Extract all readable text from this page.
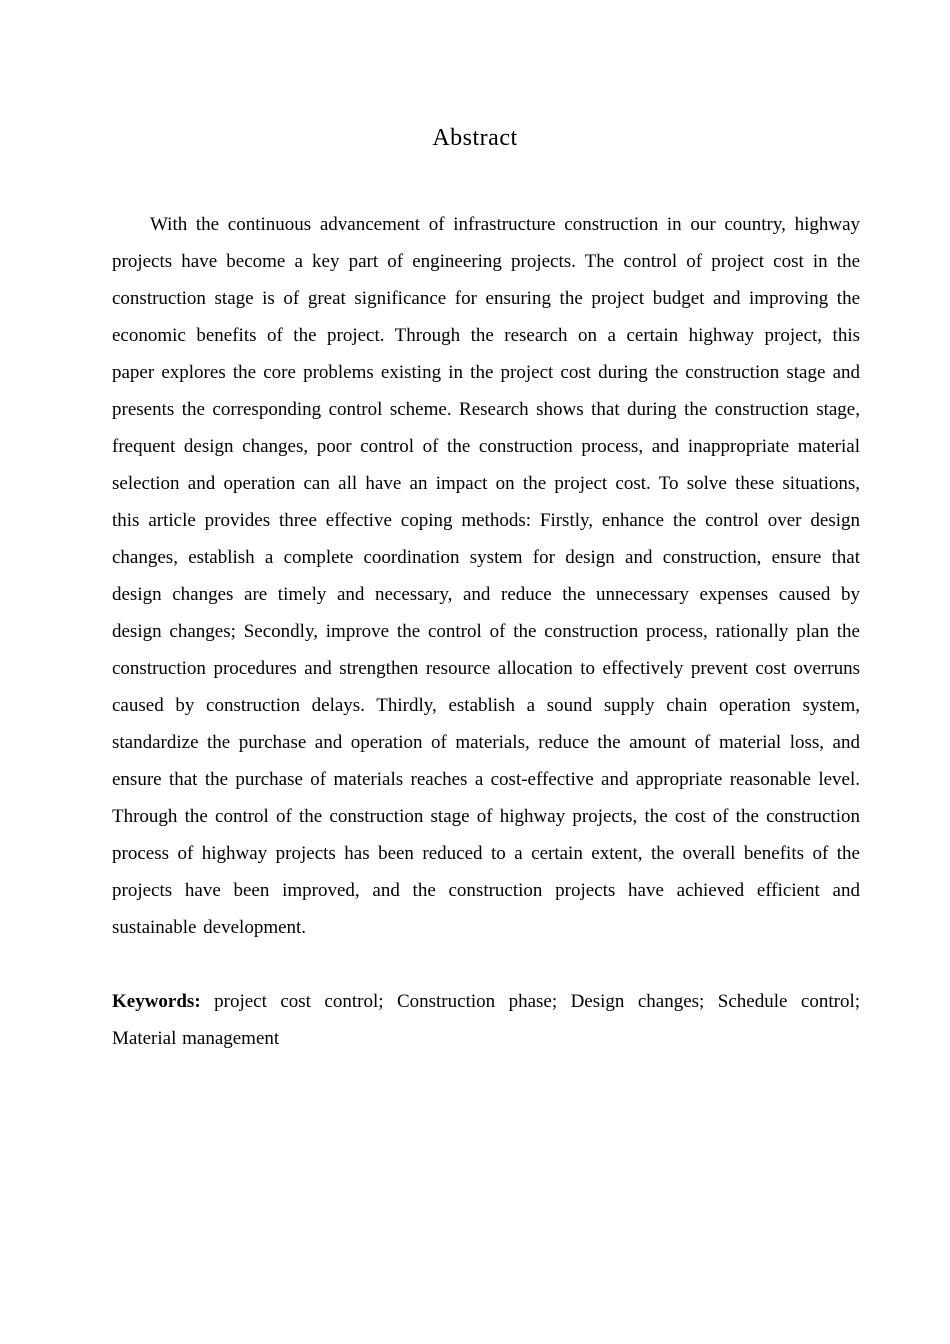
Abstract

With the continuous advancement of infrastructure construction in our country, highway projects have become a key part of engineering projects. The control of project cost in the construction stage is of great significance for ensuring the project budget and improving the economic benefits of the project. Through the research on a certain highway project, this paper explores the core problems existing in the project cost during the construction stage and presents the corresponding control scheme. Research shows that during the construction stage, frequent design changes, poor control of the construction process, and inappropriate material selection and operation can all have an impact on the project cost. To solve these situations, this article provides three effective coping methods: Firstly, enhance the control over design changes, establish a complete coordination system for design and construction, ensure that design changes are timely and necessary, and reduce the unnecessary expenses caused by design changes; Secondly, improve the control of the construction process, rationally plan the construction procedures and strengthen resource allocation to effectively prevent cost overruns caused by construction delays. Thirdly, establish a sound supply chain operation system, standardize the purchase and operation of materials, reduce the amount of material loss, and ensure that the purchase of materials reaches a cost-effective and appropriate reasonable level. Through the control of the construction stage of highway projects, the cost of the construction process of highway projects has been reduced to a certain extent, the overall benefits of the projects have been improved, and the construction projects have achieved efficient and sustainable development.

Keywords: project cost control; Construction phase; Design changes; Schedule control; Material management
